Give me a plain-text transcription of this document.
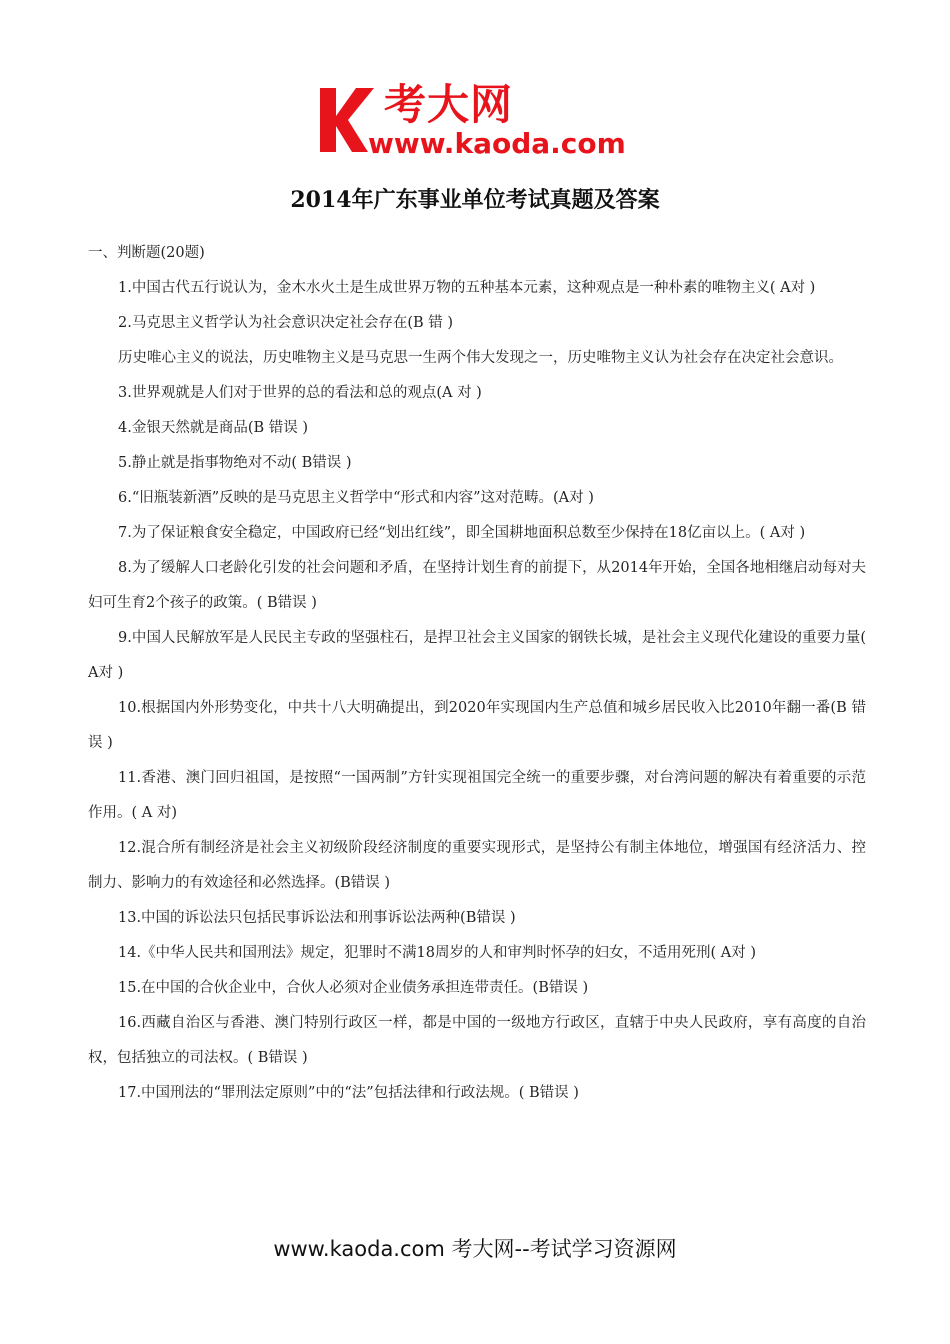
考大网
www.kaoda.com
2014年广东事业单位考试真题及答案

一、判断题(20题)

1.中国古代五行说认为，金木水火土是生成世界万物的五种基本元素，这种观点是一种朴素的唯物主义( A对 )

2.马克思主义哲学认为社会意识决定社会存在(B 错 )

历史唯心主义的说法，历史唯物主义是马克思一生两个伟大发现之一，历史唯物主义认为社会存在决定社会意识。

3.世界观就是人们对于世界的总的看法和总的观点(A 对 )

4.金银天然就是商品(B 错误 )

5.静止就是指事物绝对不动( B错误 )

6.“旧瓶装新酒”反映的是马克思主义哲学中“形式和内容”这对范畴。(A对 )

7.为了保证粮食安全稳定，中国政府已经“划出红线”，即全国耕地面积总数至少保持在18亿亩以上。( A对 )

8.为了缓解人口老龄化引发的社会问题和矛盾，在坚持计划生育的前提下，从2014年开始，全国各地相继启动每对夫妇可生育2个孩子的政策。( B错误 )

9.中国人民解放军是人民民主专政的坚强柱石，是捍卫社会主义国家的钢铁长城，是社会主义现代化建设的重要力量( A对 )

10.根据国内外形势变化，中共十八大明确提出，到2020年实现国内生产总值和城乡居民收入比2010年翻一番(B 错误 )

11.香港、澳门回归祖国，是按照“一国两制”方针实现祖国完全统一的重要步骤，对台湾问题的解决有着重要的示范作用。( A 对)

12.混合所有制经济是社会主义初级阶段经济制度的重要实现形式，是坚持公有制主体地位，增强国有经济活力、控制力、影响力的有效途径和必然选择。(B错误 )

13.中国的诉讼法只包括民事诉讼法和刑事诉讼法两种(B错误 )

14.《中华人民共和国刑法》规定，犯罪时不满18周岁的人和审判时怀孕的妇女，不适用死刑( A对 )

15.在中国的合伙企业中，合伙人必须对企业债务承担连带责任。(B错误 )

16.西藏自治区与香港、澳门特别行政区一样，都是中国的一级地方行政区，直辖于中央人民政府，享有高度的自治权，包括独立的司法权。( B错误 )

17.中国刑法的“罪刑法定原则”中的“法”包括法律和行政法规。( B错误 )

www.kaoda.com 考大网--考试学习资源网
